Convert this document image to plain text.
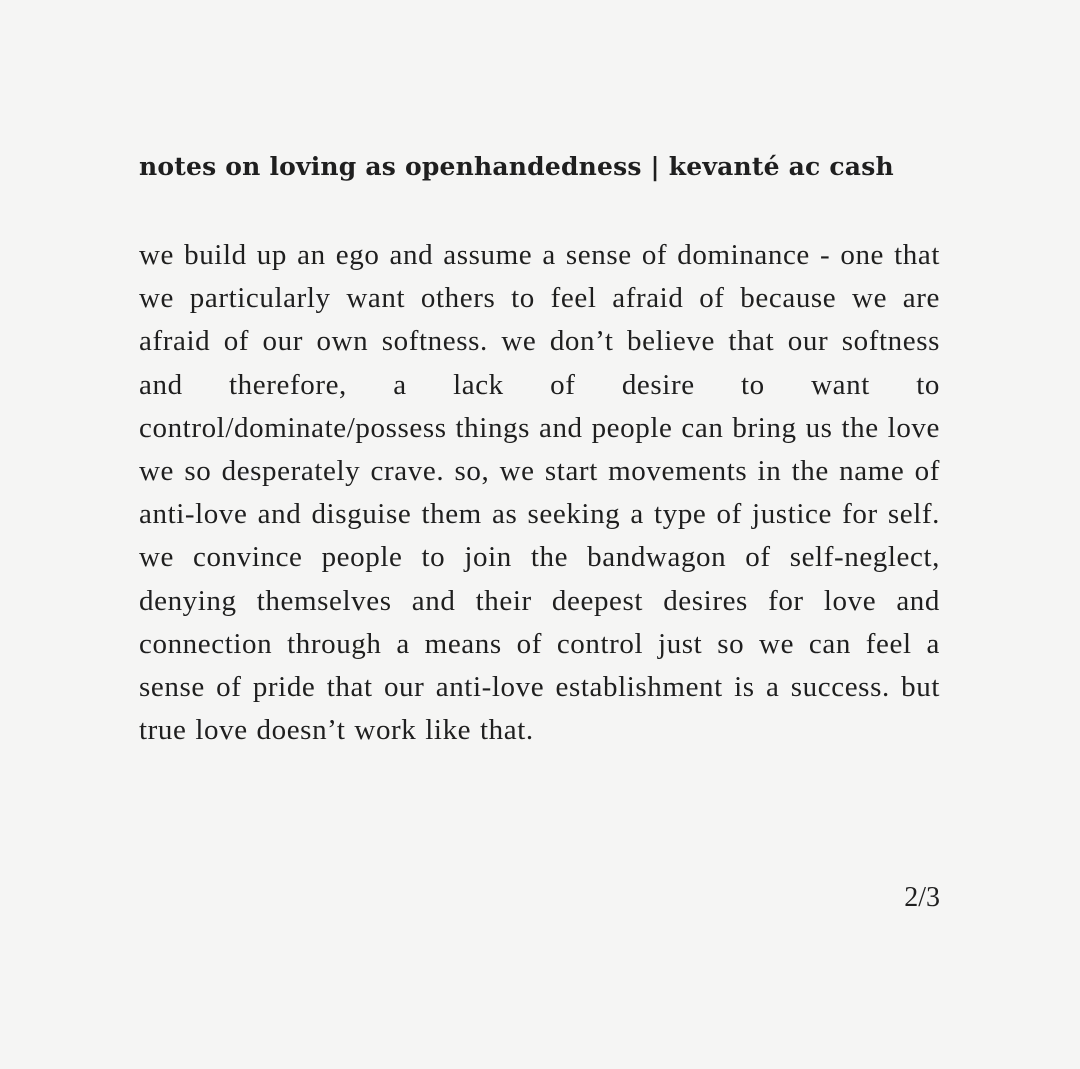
notes on loving as openhandedness | kevanté ac cash

we build up an ego and assume a sense of dominance - one that we particularly want others to feel afraid of because we are afraid of our own softness. we don’t believe that our softness and therefore, a lack of desire to want to control/dominate/possess things and people can bring us the love we so desperately crave. so, we start movements in the name of anti-love and disguise them as seeking a type of justice for self. we convince people to join the bandwagon of self-neglect, denying themselves and their deepest desires for love and connection through a means of control just so we can feel a sense of pride that our anti-love establishment is a success. but true love doesn’t work like that.

2/3
